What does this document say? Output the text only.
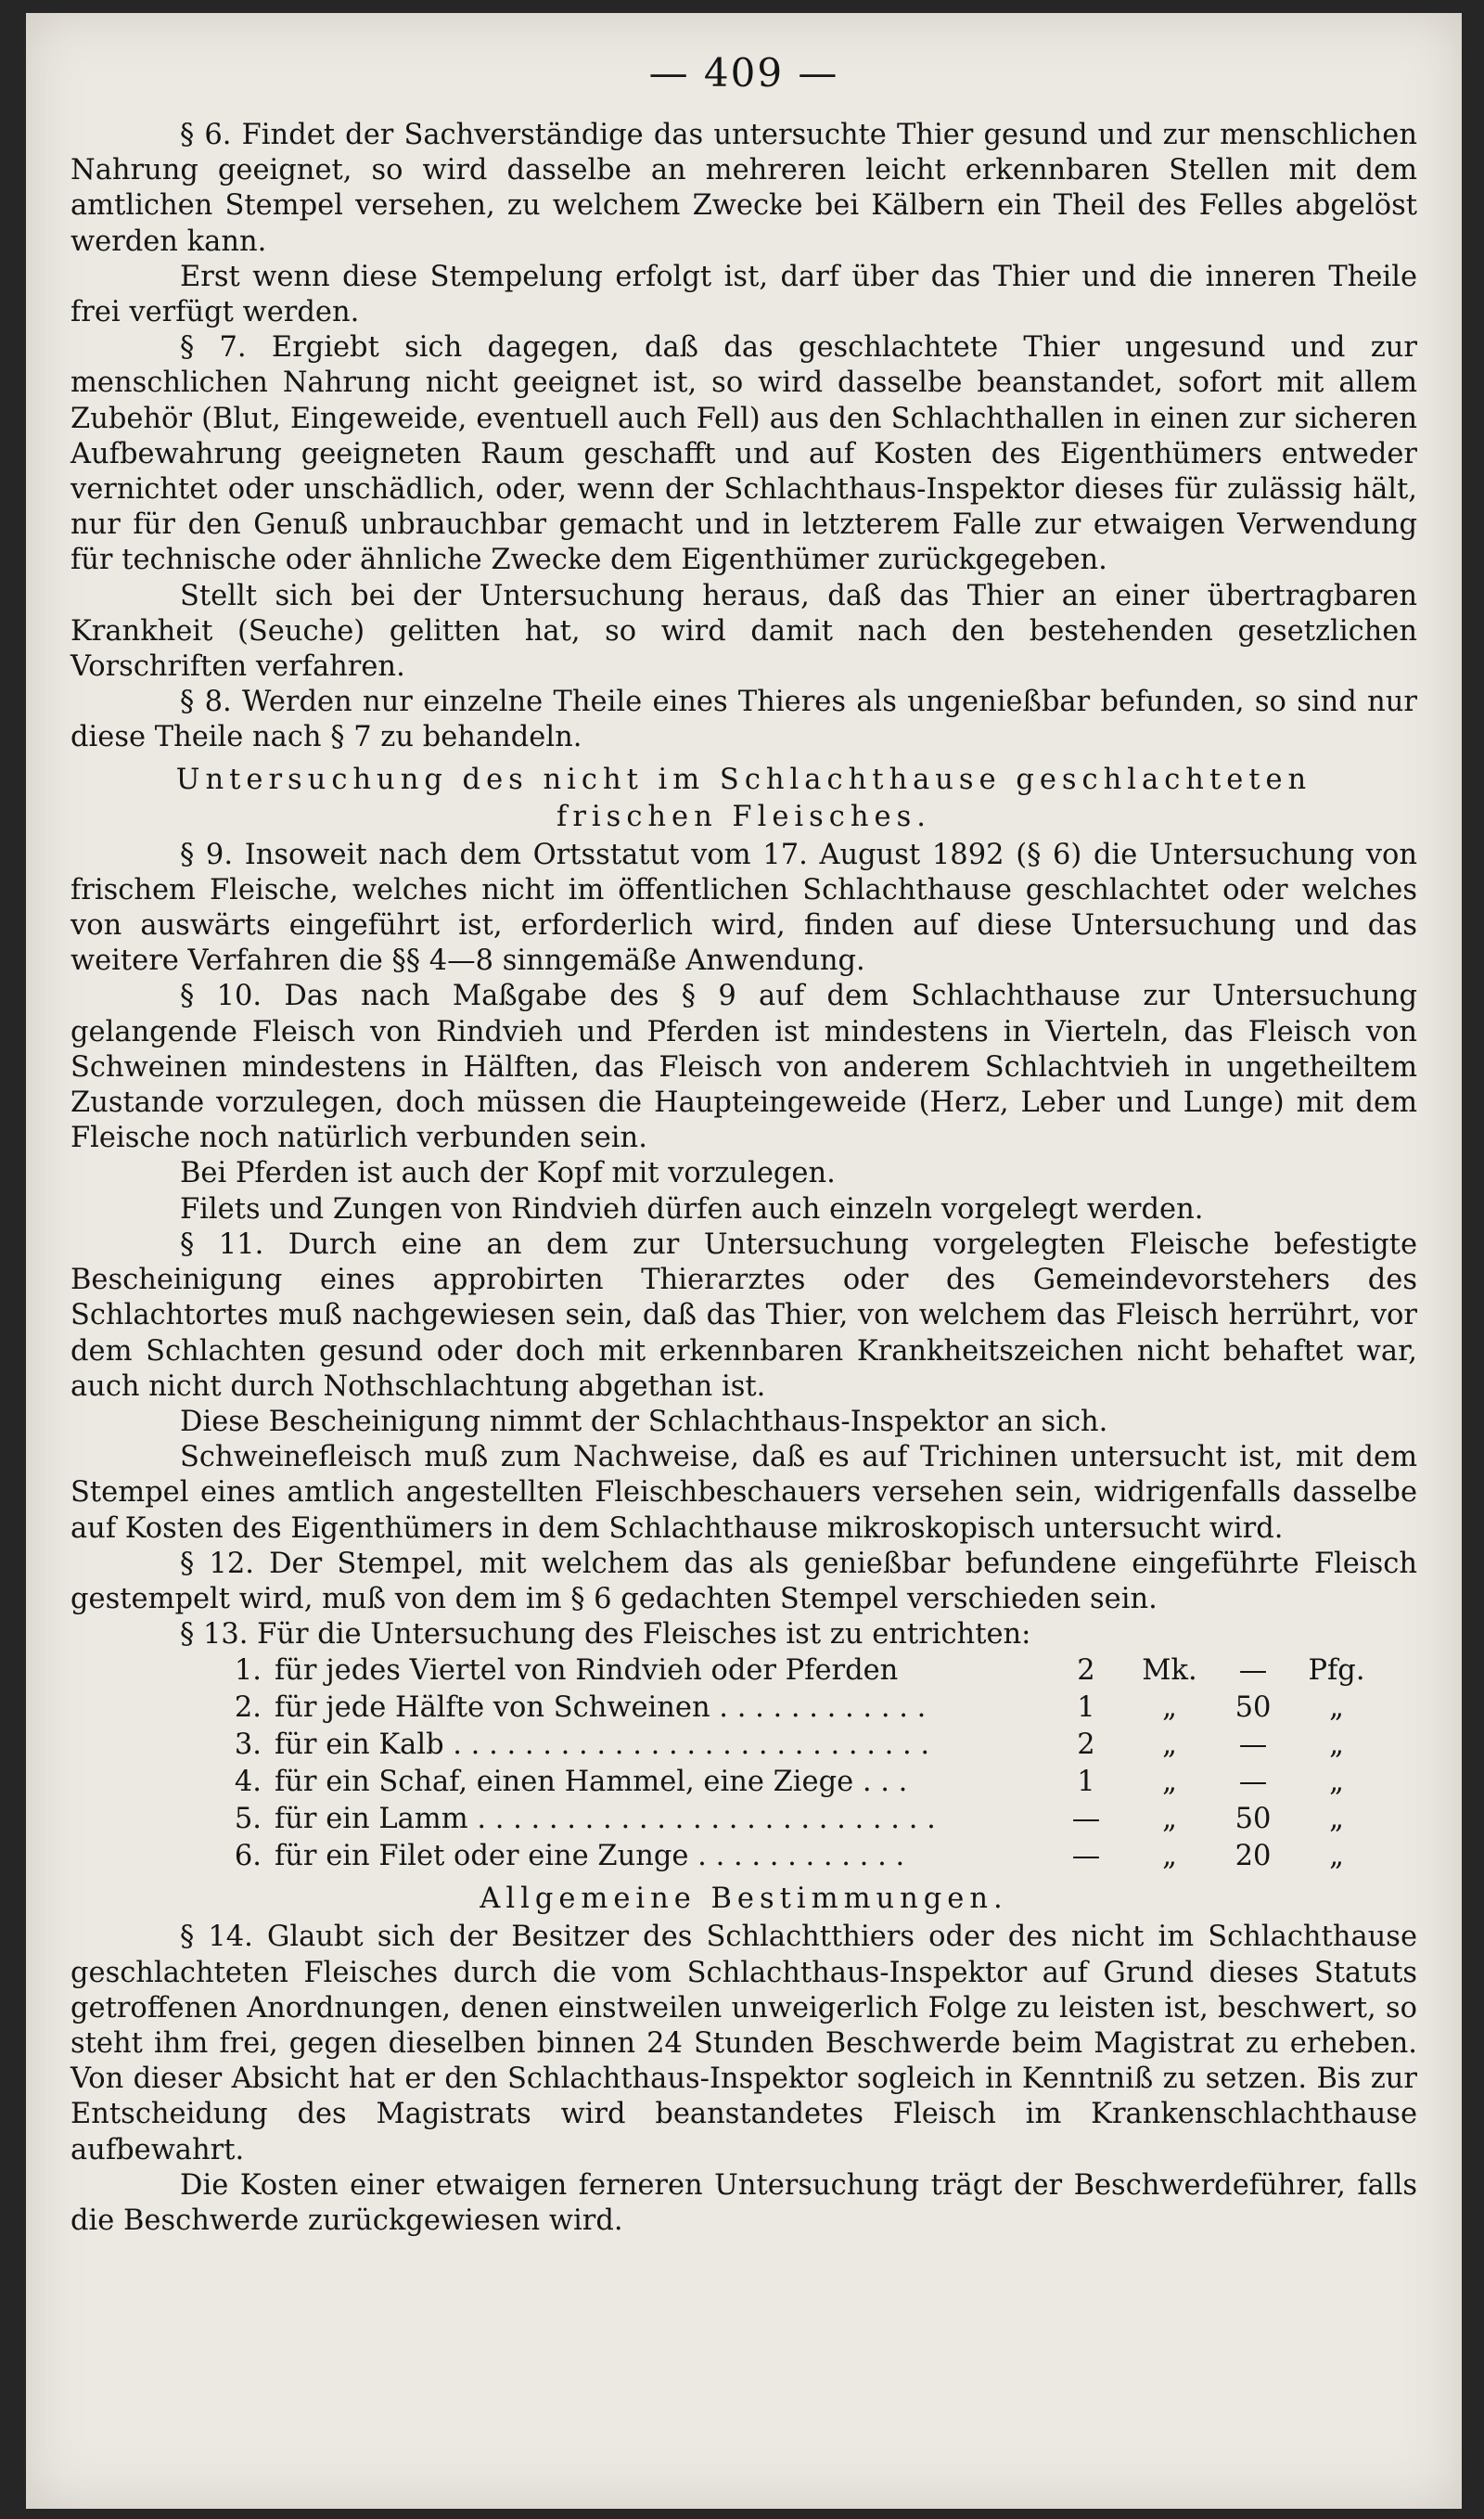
— 409 —

§ 6. Findet der Sachverständige das untersuchte Thier gesund und zur menschlichen Nahrung geeignet, so wird dasselbe an mehreren leicht erkennbaren Stellen mit dem amtlichen Stempel versehen, zu welchem Zwecke bei Kälbern ein Theil des Felles abgelöst werden kann.

Erst wenn diese Stempelung erfolgt ist, darf über das Thier und die inneren Theile frei verfügt werden.

§ 7. Ergiebt sich dagegen, daß das geschlachtete Thier ungesund und zur menschlichen Nahrung nicht geeignet ist, so wird dasselbe beanstandet, sofort mit allem Zubehör (Blut, Eingeweide, eventuell auch Fell) aus den Schlachthallen in einen zur sicheren Aufbewahrung geeigneten Raum geschafft und auf Kosten des Eigenthümers entweder vernichtet oder unschädlich, oder, wenn der Schlachthaus-Inspektor dieses für zulässig hält, nur für den Genuß unbrauchbar gemacht und in letzterem Falle zur etwaigen Verwendung für technische oder ähnliche Zwecke dem Eigenthümer zurückgegeben.

Stellt sich bei der Untersuchung heraus, daß das Thier an einer übertragbaren Krankheit (Seuche) gelitten hat, so wird damit nach den bestehenden gesetzlichen Vorschriften verfahren.

§ 8. Werden nur einzelne Theile eines Thieres als ungenießbar befunden, so sind nur diese Theile nach § 7 zu behandeln.

Untersuchung des nicht im Schlachthause geschlachteten
frischen Fleisches.

§ 9. Insoweit nach dem Ortsstatut vom 17. August 1892 (§ 6) die Untersuchung von frischem Fleische, welches nicht im öffentlichen Schlachthause geschlachtet oder welches von auswärts eingeführt ist, erforderlich wird, finden auf diese Untersuchung und das weitere Verfahren die §§ 4—8 sinngemäße Anwendung.

§ 10. Das nach Maßgabe des § 9 auf dem Schlachthause zur Untersuchung gelangende Fleisch von Rindvieh und Pferden ist mindestens in Vierteln, das Fleisch von Schweinen mindestens in Hälften, das Fleisch von anderem Schlachtvieh in ungetheiltem Zustande vorzulegen, doch müssen die Haupteingeweide (Herz, Leber und Lunge) mit dem Fleische noch natürlich verbunden sein.

Bei Pferden ist auch der Kopf mit vorzulegen.

Filets und Zungen von Rindvieh dürfen auch einzeln vorgelegt werden.

§ 11. Durch eine an dem zur Untersuchung vorgelegten Fleische befestigte Bescheinigung eines approbirten Thierarztes oder des Gemeindevorstehers des Schlachtortes muß nachgewiesen sein, daß das Thier, von welchem das Fleisch herrührt, vor dem Schlachten gesund oder doch mit erkennbaren Krankheitszeichen nicht behaftet war, auch nicht durch Nothschlachtung abgethan ist.

Diese Bescheinigung nimmt der Schlachthaus-Inspektor an sich.

Schweinefleisch muß zum Nachweise, daß es auf Trichinen untersucht ist, mit dem Stempel eines amtlich angestellten Fleischbeschauers versehen sein, widrigenfalls dasselbe auf Kosten des Eigenthümers in dem Schlachthause mikroskopisch untersucht wird.

§ 12. Der Stempel, mit welchem das als genießbar befundene eingeführte Fleisch gestempelt wird, muß von dem im § 6 gedachten Stempel verschieden sein.

§ 13. Für die Untersuchung des Fleisches ist zu entrichten:

1. für jedes Viertel von Rindvieh oder Pferden	2	Mk.	—	Pfg.
2. für jede Hälfte von Schweinen . . . . . . . . . . . .	1	„	50	„
3. für ein Kalb . . . . . . . . . . . . . . . . . . . . . . . . . . .	2	„	—	„
4. für ein Schaf, einen Hammel, eine Ziege . . .	1	„	—	„
5. für ein Lamm . . . . . . . . . . . . . . . . . . . . . . . . . .	—	„	50	„
6. für ein Filet oder eine Zunge . . . . . . . . . . . .	—	„	20	„
Allgemeine Bestimmungen.

§ 14. Glaubt sich der Besitzer des Schlachtthiers oder des nicht im Schlachthause geschlachteten Fleisches durch die vom Schlachthaus-Inspektor auf Grund dieses Statuts getroffenen Anordnungen, denen einstweilen unweigerlich Folge zu leisten ist, beschwert, so steht ihm frei, gegen dieselben binnen 24 Stunden Beschwerde beim Magistrat zu erheben. Von dieser Absicht hat er den Schlachthaus-Inspektor sogleich in Kenntniß zu setzen. Bis zur Entscheidung des Magistrats wird beanstandetes Fleisch im Krankenschlachthause aufbewahrt.

Die Kosten einer etwaigen ferneren Untersuchung trägt der Beschwerdeführer, falls die Beschwerde zurückgewiesen wird.
